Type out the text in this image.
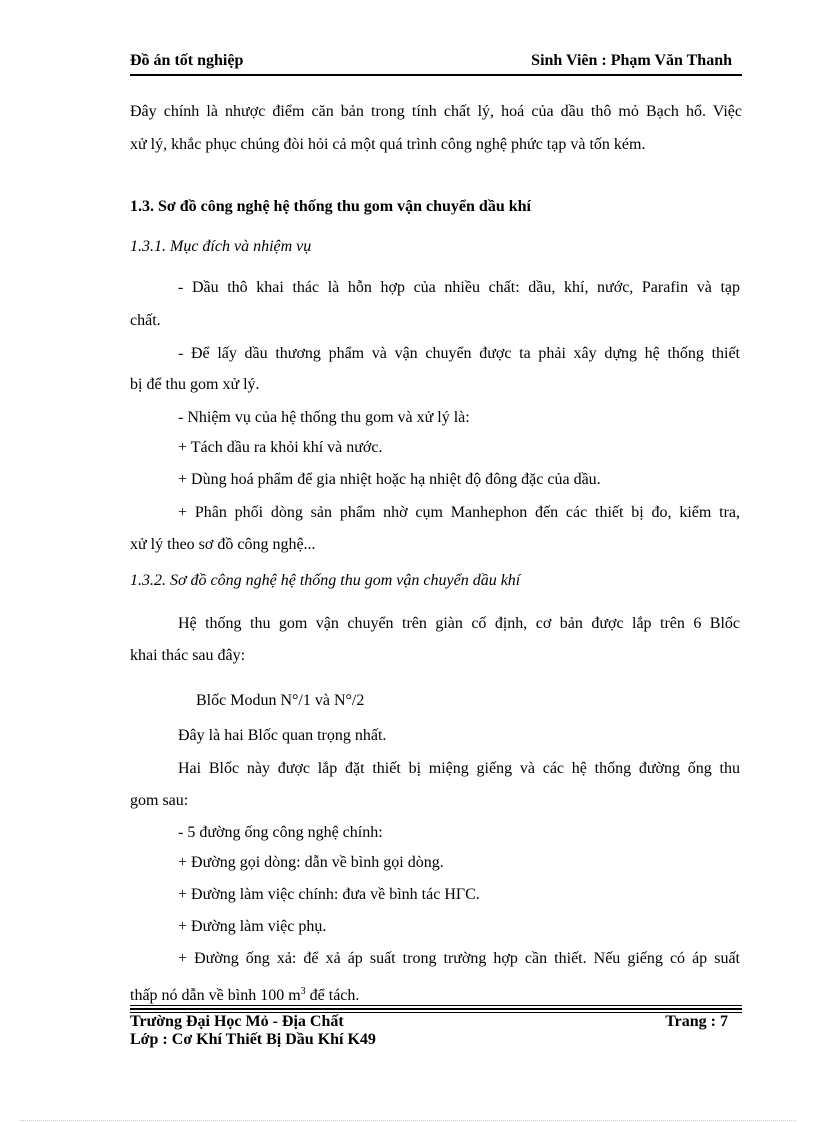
Đồ án tốt nghiệp	Sinh Viên : Phạm Văn Thanh
Đây chính là nhược điểm căn bản trong tính chất lý, hoá của dầu thô mỏ Bạch hổ. Việc
xử lý, khắc phục chúng đòi hỏi cả một quá trình công nghệ phức tạp và tốn kém.
1.3. Sơ đồ công nghệ hệ thống thu gom vận chuyển dầu khí
1.3.1. Mục đích và nhiệm vụ
- Dầu thô khai thác là hỗn hợp của nhiều chất: dầu, khí, nước, Parafin và tạp
chất.
- Để lấy dầu thương phẩm và vận chuyển được ta phải xây dựng hệ thống thiết
bị để thu gom xử lý.
- Nhiệm vụ của hệ thống thu gom và xử lý là:
+ Tách dầu ra khỏi khí và nước.
+ Dùng hoá phẩm để gia nhiệt hoặc hạ nhiệt độ đông đặc của dầu.
+ Phân phối dòng sản phẩm nhờ cụm Manhephon đến các thiết bị đo, kiểm tra,
xử lý theo sơ đồ công nghệ...
1.3.2. Sơ đồ công nghệ hệ thống thu gom vận chuyển dầu khí
Hệ thống thu gom vận chuyển trên giàn cố định, cơ bản được lắp trên 6 Blốc
khai thác sau đây:
Blốc Modun N°/1 và N°/2
Đây là hai Blốc quan trọng nhất.
Hai Blốc này được lắp đặt thiết bị miệng giếng và các hệ thống đường ống thu
gom sau:
- 5 đường ống công nghệ chính:
+ Đường gọi dòng: dẫn về bình gọi dòng.
+ Đường làm việc chính: đưa về bình tác HΓC.
+ Đường làm việc phụ.
+ Đường ống xả: để xả áp suất trong trường hợp cần thiết. Nếu giếng có áp suất
thấp nó dẫn về bình 100 $m^3$ để tách.
Trường Đại Học Mỏ - Địa Chất
Lớp : Cơ Khí Thiết Bị Dầu Khí K49
Trang : 7
